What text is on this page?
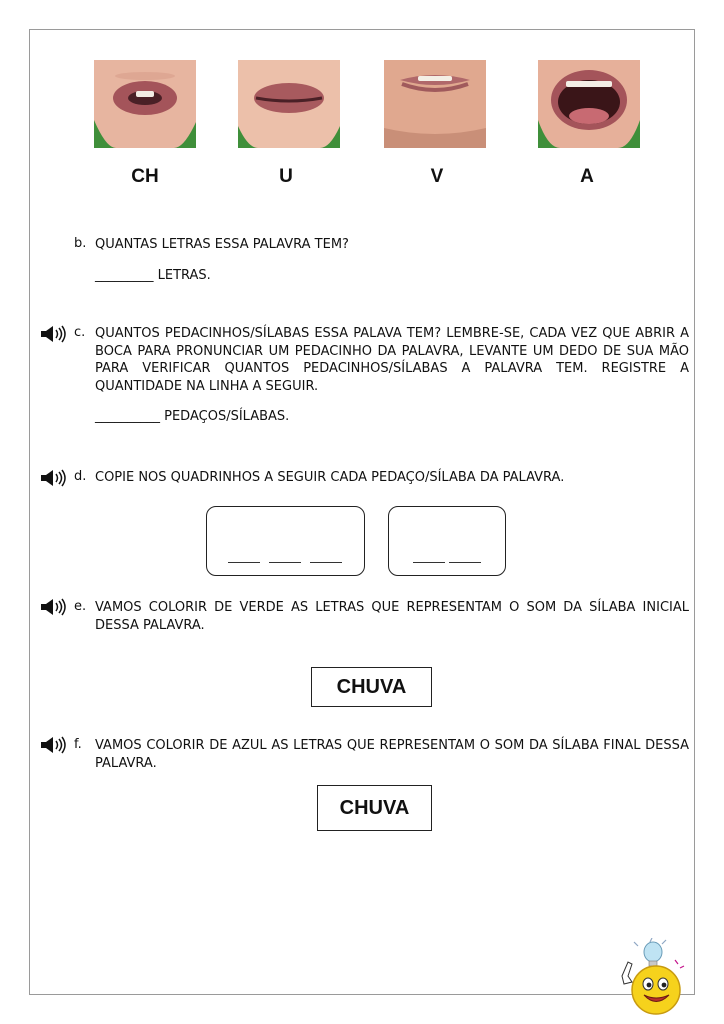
CH	U	V	A
b. QUANTAS LETRAS ESSA PALAVRA TEM?
_________ LETRAS.
c. QUANTOS PEDACINHOS/SÍLABAS ESSA PALAVA TEM? LEMBRE-SE, CADA VEZ QUE ABRIR A BOCA PARA PRONUNCIAR UM PEDACINHO DA PALAVRA, LEVANTE UM DEDO DE SUA MÃO PARA VERIFICAR QUANTOS PEDACINHOS/SÍLABAS A PALAVRA TEM. REGISTRE A QUANTIDADE NA LINHA A SEGUIR.
__________ PEDAÇOS/SÍLABAS.
d. COPIE NOS QUADRINHOS A SEGUIR CADA PEDAÇO/SÍLABA DA PALAVRA.
e. VAMOS COLORIR DE VERDE AS LETRAS QUE REPRESENTAM O SOM DA SÍLABA INICIAL DESSA PALAVRA.
CHUVA
f. VAMOS COLORIR DE AZUL AS LETRAS QUE REPRESENTAM O SOM DA SÍLABA FINAL DESSA PALAVRA.
CHUVA
